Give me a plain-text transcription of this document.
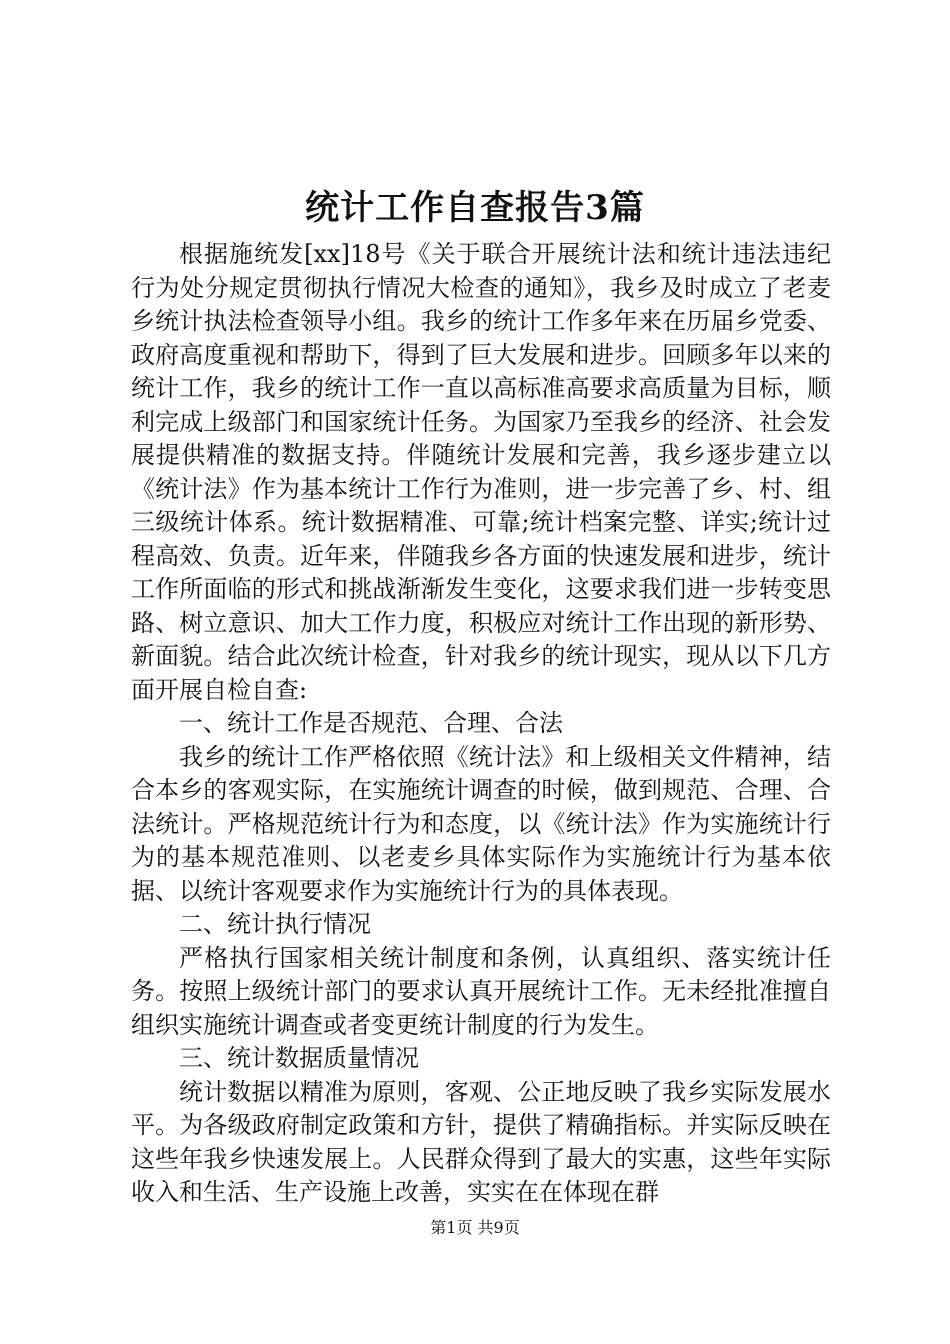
统计工作自查报告3篇

根据施统发[xx]18号《关于联合开展统计法和统计违法违纪行为处分规定贯彻执行情况大检查的通知》，我乡及时成立了老麦乡统计执法检查领导小组。我乡的统计工作多年来在历届乡党委、政府高度重视和帮助下，得到了巨大发展和进步。回顾多年以来的统计工作，我乡的统计工作一直以高标准高要求高质量为目标，顺利完成上级部门和国家统计任务。为国家乃至我乡的经济、社会发展提供精准的数据支持。伴随统计发展和完善，我乡逐步建立以《统计法》作为基本统计工作行为准则，进一步完善了乡、村、组三级统计体系。统计数据精准、可靠;统计档案完整、详实;统计过程高效、负责。近年来，伴随我乡各方面的快速发展和进步，统计工作所面临的形式和挑战渐渐发生变化，这要求我们进一步转变思路、树立意识、加大工作力度，积极应对统计工作出现的新形势、新面貌。结合此次统计检查，针对我乡的统计现实，现从以下几方面开展自检自查:

一、统计工作是否规范、合理、合法

我乡的统计工作严格依照《统计法》和上级相关文件精神，结合本乡的客观实际，在实施统计调查的时候，做到规范、合理、合法统计。严格规范统计行为和态度，以《统计法》作为实施统计行为的基本规范准则、以老麦乡具体实际作为实施统计行为基本依据、以统计客观要求作为实施统计行为的具体表现。

二、统计执行情况

严格执行国家相关统计制度和条例，认真组织、落实统计任务。按照上级统计部门的要求认真开展统计工作。无未经批准擅自组织实施统计调查或者变更统计制度的行为发生。

三、统计数据质量情况

统计数据以精准为原则，客观、公正地反映了我乡实际发展水平。为各级政府制定政策和方针，提供了精确指标。并实际反映在这些年我乡快速发展上。人民群众得到了最大的实惠，这些年实际收入和生活、生产设施上改善，实实在在体现在群

第1页 共9页
